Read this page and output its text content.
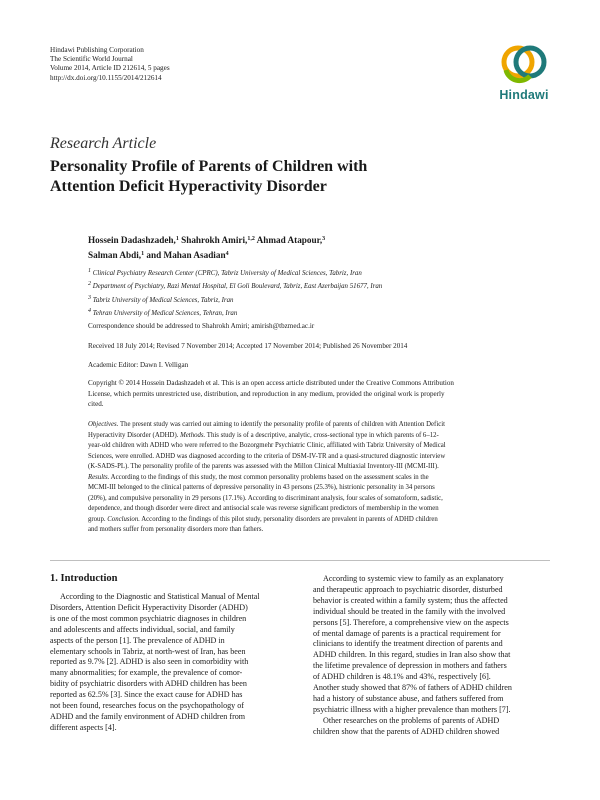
Hindawi Publishing Corporation
The Scientific World Journal
Volume 2014, Article ID 212614, 5 pages
http://dx.doi.org/10.1155/2014/212614
Hindawi
Research Article
Personality Profile of Parents of Children with
Attention Deficit Hyperactivity Disorder
Hossein Dadashzadeh,$^1$ Shahrokh Amiri,$^{1,2}$ Ahmad Atapour,$^3$
Salman Abdi,$^1$ and Mahan Asadian$^4$
$^1$ Clinical Psychiatry Research Center (CPRC), Tabriz University of Medical Sciences, Tabriz, Iran
$^2$ Department of Psychiatry, Razi Mental Hospital, El Goli Boulevard, Tabriz, East Azerbaijan 51677, Iran
$^3$ Tabriz University of Medical Sciences, Tabriz, Iran
$^4$ Tehran University of Medical Sciences, Tehran, Iran
Correspondence should be addressed to Shahrokh Amiri; amirish@tbzmed.ac.ir
Received 18 July 2014; Revised 7 November 2014; Accepted 17 November 2014; Published 26 November 2014
Academic Editor: Dawn I. Velligan
Copyright © 2014 Hossein Dadashzadeh et al. This is an open access article distributed under the Creative Commons Attribution
License, which permits unrestricted use, distribution, and reproduction in any medium, provided the original work is properly
cited.
Objectives. The present study was carried out aiming to identify the personality profile of parents of children with Attention Deficit
Hyperactivity Disorder (ADHD). Methods. This study is of a descriptive, analytic, cross-sectional type in which parents of 6–12-
year-old children with ADHD who were referred to the Bozorgmehr Psychiatric Clinic, affiliated with Tabriz University of Medical
Sciences, were enrolled. ADHD was diagnosed according to the criteria of DSM-IV-TR and a quasi-structured diagnostic interview
(K-SADS-PL). The personality profile of the parents was assessed with the Millon Clinical Multiaxial Inventory-III (MCMI-III).
Results. According to the findings of this study, the most common personality problems based on the assessment scales in the
MCMI-III belonged to the clinical patterns of depressive personality in 43 persons (25.3%), histrionic personality in 34 persons
(20%), and compulsive personality in 29 persons (17.1%). According to discriminant analysis, four scales of somatoform, sadistic,
dependence, and though disorder were direct and antisocial scale was reverse significant predictors of membership in the women
group. Conclusion. According to the findings of this pilot study, personality disorders are prevalent in parents of ADHD children
and mothers suffer from personality disorders more than fathers.
1. Introduction
According to the Diagnostic and Statistical Manual of Mental
Disorders, Attention Deficit Hyperactivity Disorder (ADHD)
is one of the most common psychiatric diagnoses in children
and adolescents and affects individual, social, and family
aspects of the person [1]. The prevalence of ADHD in
elementary schools in Tabriz, at north-west of Iran, has been
reported as 9.7% [2]. ADHD is also seen in comorbidity with
many abnormalities; for example, the prevalence of comor-
bidity of psychiatric disorders with ADHD children has been
reported as 62.5% [3]. Since the exact cause for ADHD has
not been found, researches focus on the psychopathology of
ADHD and the family environment of ADHD children from
different aspects [4].
According to systemic view to family as an explanatory
and therapeutic approach to psychiatric disorder, disturbed
behavior is created within a family system; thus the affected
individual should be treated in the family with the involved
persons [5]. Therefore, a comprehensive view on the aspects
of mental damage of parents is a practical requirement for
clinicians to identify the treatment direction of parents and
ADHD children. In this regard, studies in Iran also show that
the lifetime prevalence of depression in mothers and fathers
of ADHD children is 48.1% and 43%, respectively [6].
Another study showed that 87% of fathers of ADHD children
had a history of substance abuse, and fathers suffered from
psychiatric illness with a higher prevalence than mothers [7].
Other researches on the problems of parents of ADHD
children show that the parents of ADHD children showed
